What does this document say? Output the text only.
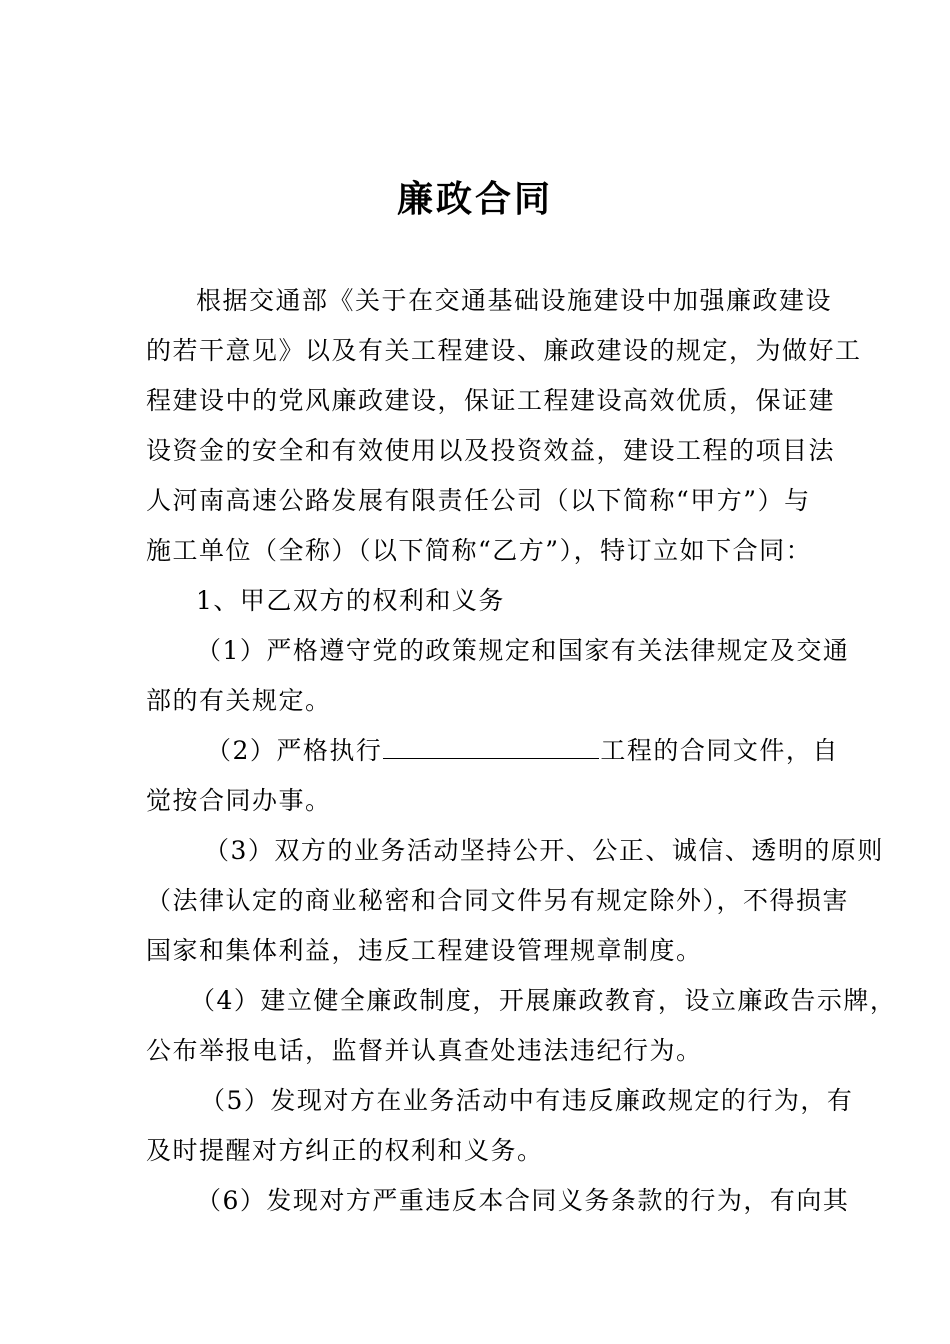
廉政合同
根据交通部《关于在交通基础设施建设中加强廉政建设
的若干意见》以及有关工程建设、廉政建设的规定，为做好工
程建设中的党风廉政建设，保证工程建设高效优质，保证建
设资金的安全和有效使用以及投资效益，建设工程的项目法
人河南高速公路发展有限责任公司（以下简称“甲方”）与
施工单位（全称）（以下简称“乙方”），特订立如下合同：
1、甲乙双方的权利和义务
（1）严格遵守党的政策规定和国家有关法律规定及交通
部的有关规定。
（2）严格执行	工程的合同文件，自
觉按合同办事。
（3）双方的业务活动坚持公开、公正、诚信、透明的原则
（法律认定的商业秘密和合同文件另有规定除外），不得损害
国家和集体利益，违反工程建设管理规章制度。
（4）建立健全廉政制度，开展廉政教育，设立廉政告示牌，
公布举报电话，监督并认真查处违法违纪行为。
（5）发现对方在业务活动中有违反廉政规定的行为，有
及时提醒对方纠正的权利和义务。
（6）发现对方严重违反本合同义务条款的行为，有向其
